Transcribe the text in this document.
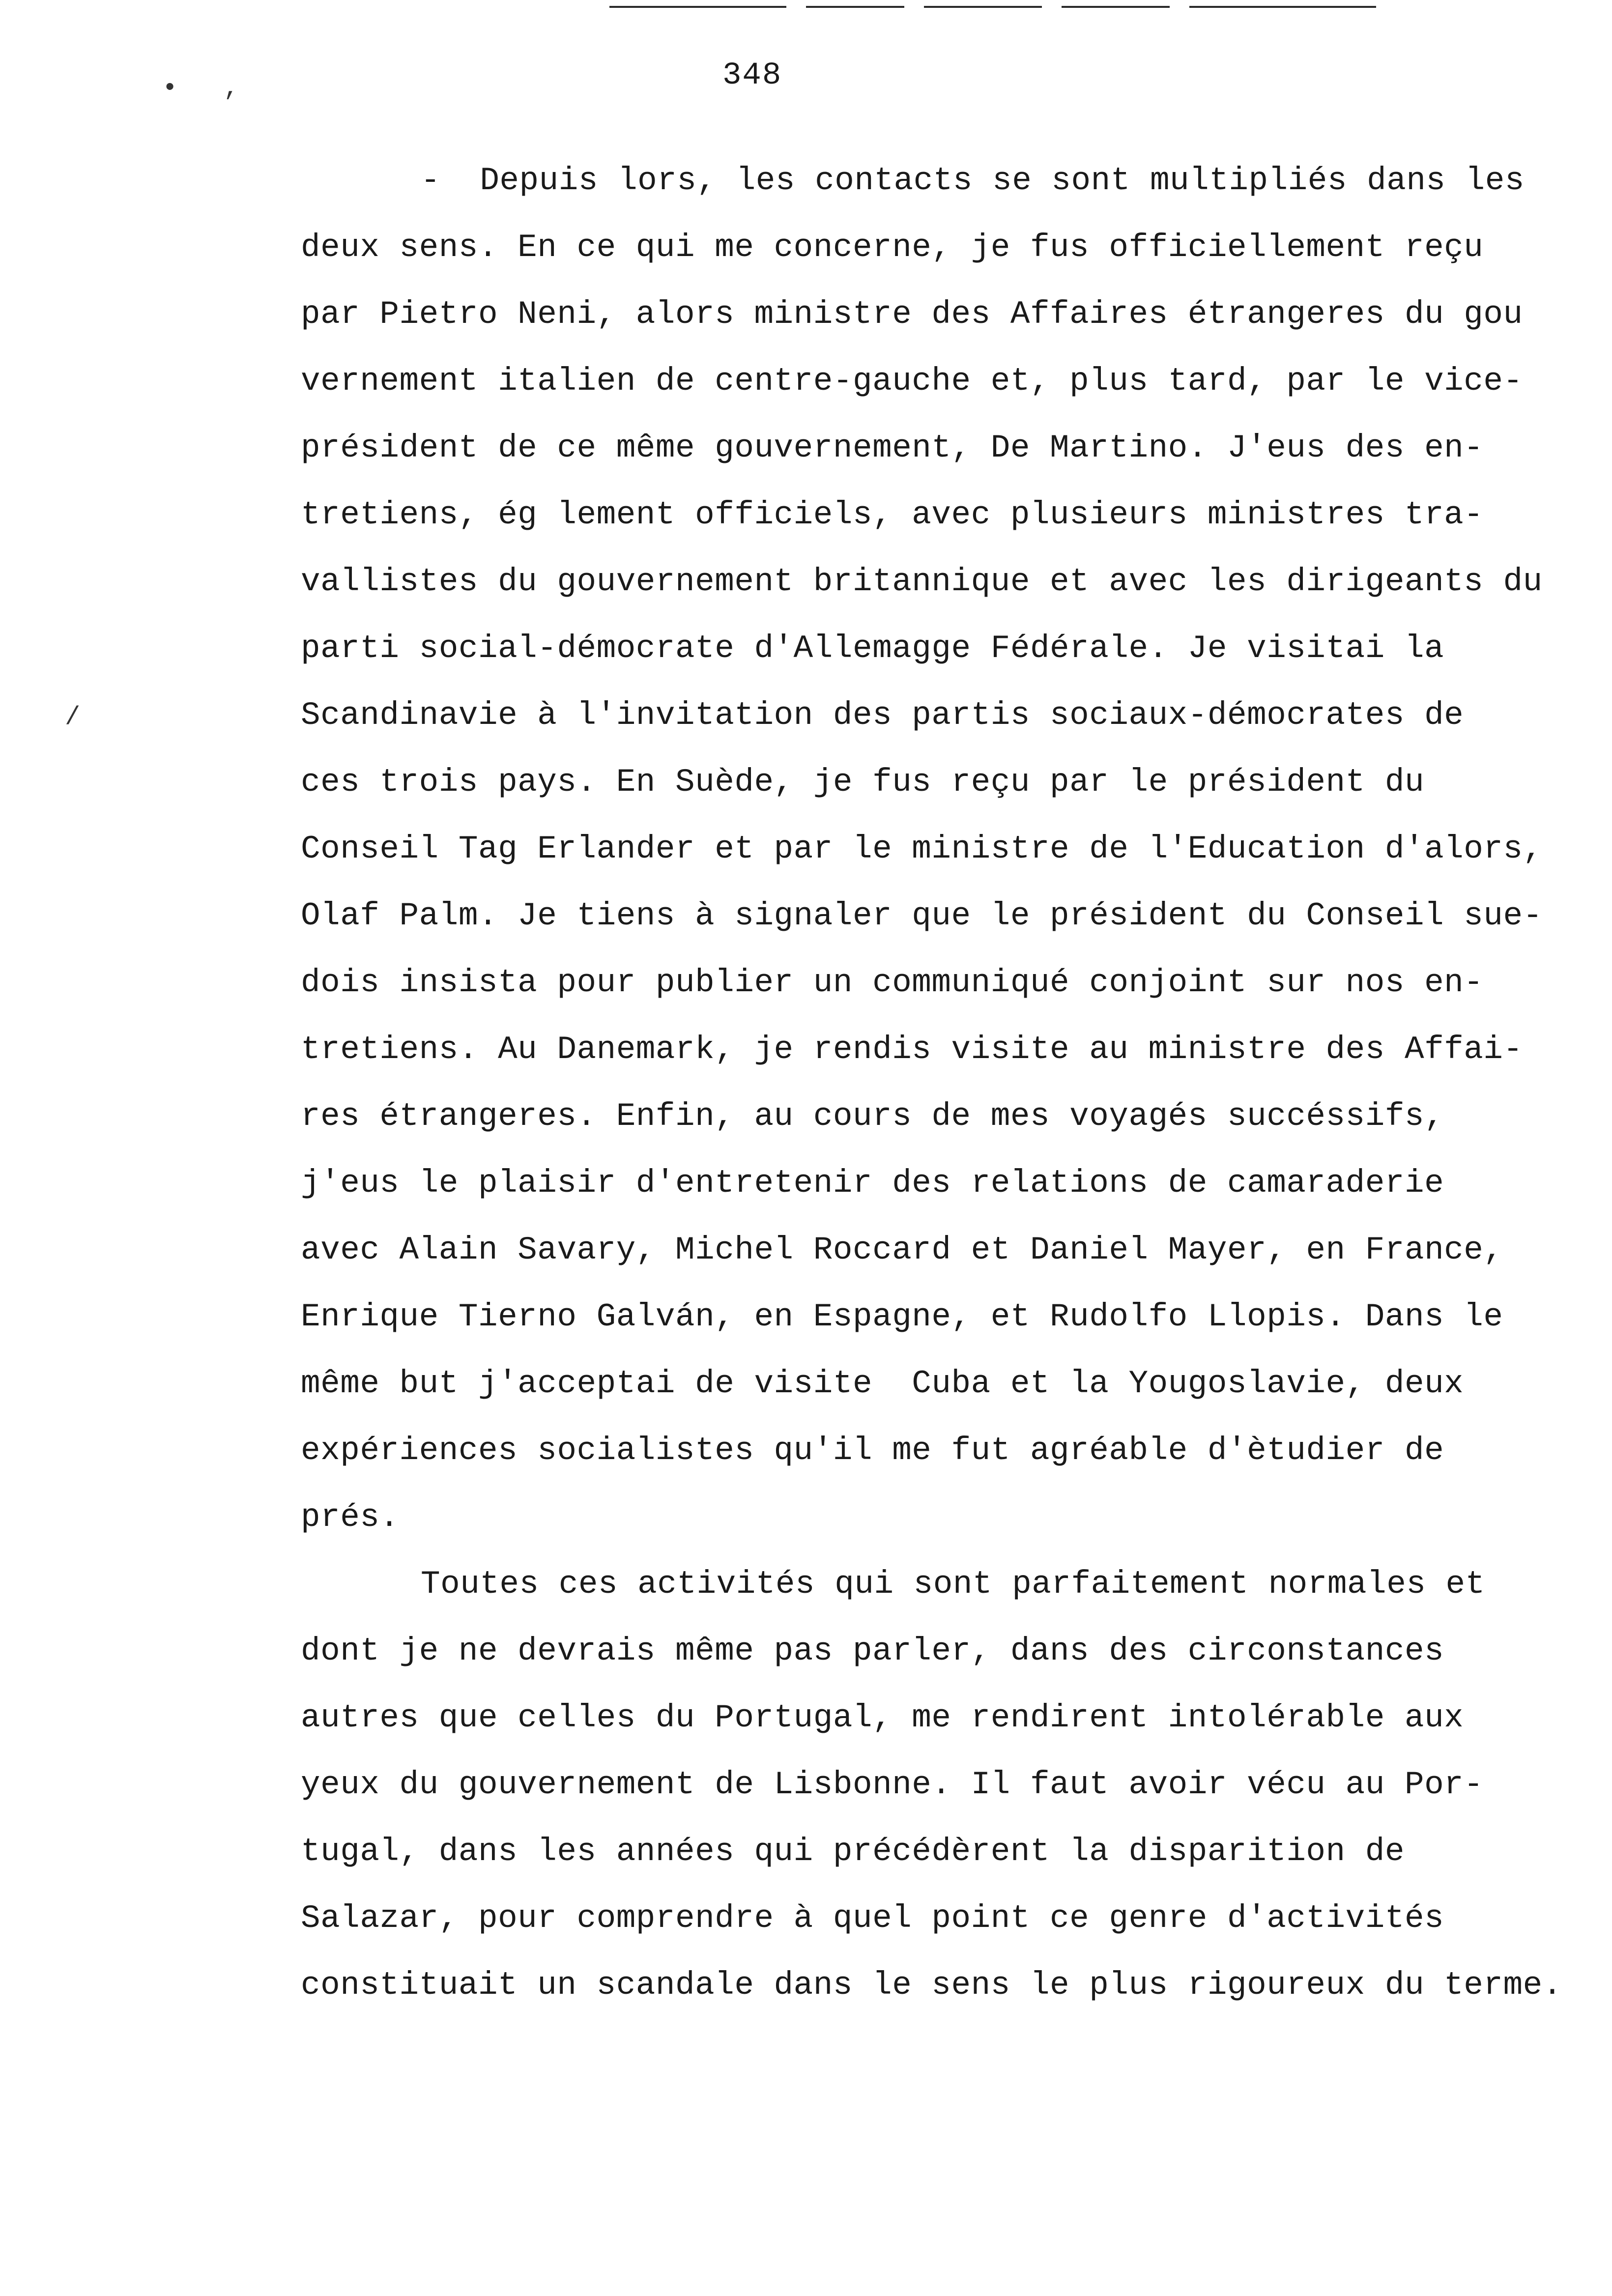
• ,
/
348
-  Depuis lors, les contacts se sont multipliés dans les
deux sens. En ce qui me concerne, je fus officiellement reçu
par Pietro Neni, alors ministre des Affaires étrangeres du gou
vernement italien de centre-gauche et, plus tard, par le vice-
président de ce même gouvernement, De Martino. J'eus des en-
tretiens, ég lement officiels, avec plusieurs ministres tra-
vallistes du gouvernement britannique et avec les dirigeants du
parti social-démocrate d'Allemagge Fédérale. Je visitai la
Scandinavie à l'invitation des partis sociaux-démocrates de
ces trois pays. En Suède, je fus reçu par le président du
Conseil Tag Erlander et par le ministre de l'Education d'alors,
Olaf Palm. Je tiens à signaler que le président du Conseil sue-
dois insista pour publier un communiqué conjoint sur nos en-
tretiens. Au Danemark, je rendis visite au ministre des Affai-
res étrangeres. Enfin, au cours de mes voyagés succéssifs,
j'eus le plaisir d'entretenir des relations de camaraderie
avec Alain Savary, Michel Roccard et Daniel Mayer, en France,
Enrique Tierno Galván, en Espagne, et Rudolfo Llopis. Dans le
même but j'acceptai de visite  Cuba et la Yougoslavie, deux
expériences socialistes qu'il me fut agréable d'ètudier de
prés.
Toutes ces activités qui sont parfaitement normales et
dont je ne devrais même pas parler, dans des circonstances
autres que celles du Portugal, me rendirent intolérable aux
yeux du gouvernement de Lisbonne. Il faut avoir vécu au Por-
tugal, dans les années qui précédèrent la disparition de
Salazar, pour comprendre à quel point ce genre d'activités
constituait un scandale dans le sens le plus rigoureux du terme.
